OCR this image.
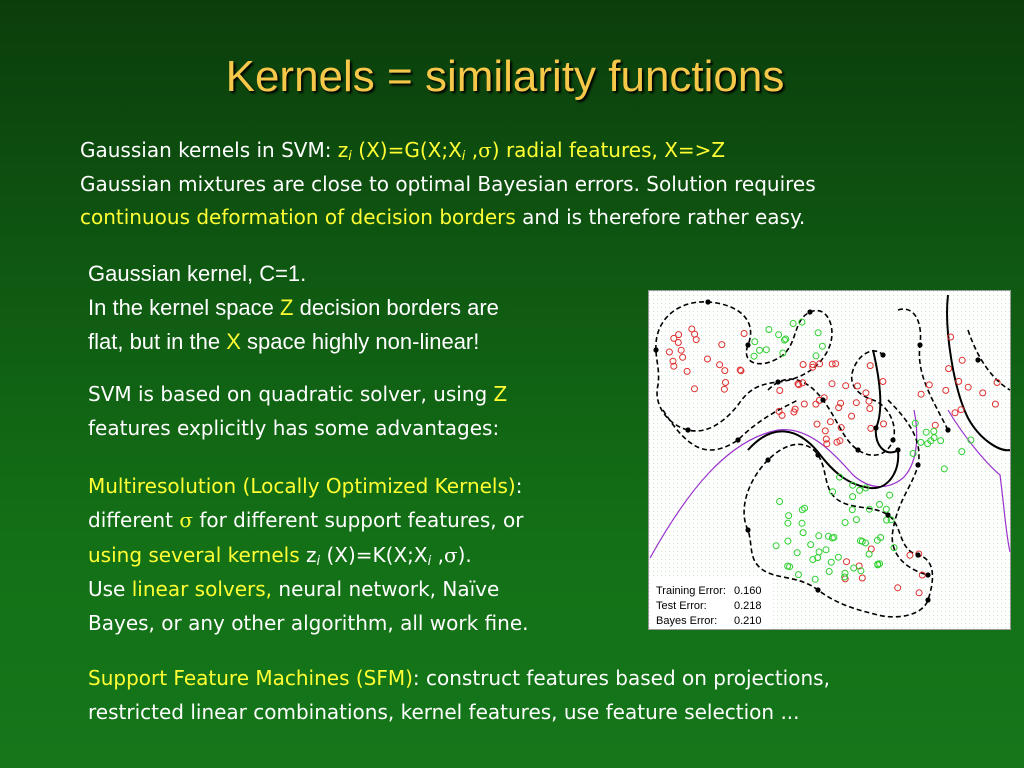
Kernels = similarity functions
Gaussian kernels in SVM: $z_i$ $(X)=G(X;X_i$ ,σ) radial features, X=>Z
Gaussian mixtures are close to optimal Bayesian errors. Solution requires
continuous deformation of decision borders and is therefore rather easy.
Gaussian kernel, C=1.
In the kernel space Z decision borders are
flat, but in the X space highly non-linear!
SVM is based on quadratic solver, using Z
features explicitly has some advantages:
Multiresolution (Locally Optimized Kernels):
different σ for different support features, or
using several kernels $z_i$ $(X)=K(X;X_i$ ,σ).
Use linear solvers, neural network, Naïve
Bayes, or any other algorithm, all work fine.
Support Feature Machines (SFM): construct features based on projections,
restricted linear combinations, kernel features, use feature selection ...
Training Error: 0.160
Test Error: 0.218
Bayes Error: 0.210
